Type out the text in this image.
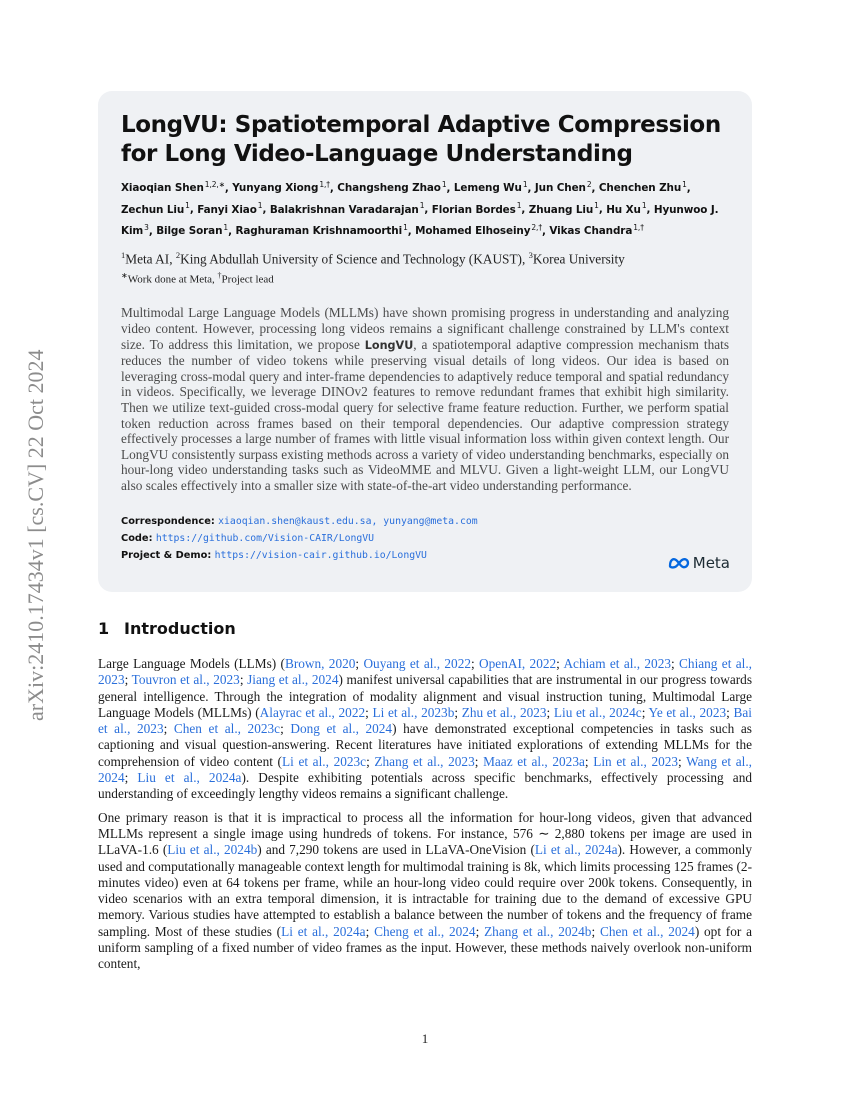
arXiv:2410.17434v1 [cs.CV] 22 Oct 2024
LongVU: Spatiotemporal Adaptive Compression for Long Video-Language Understanding
Xiaoqian Shen$^{1,2,∗}$, Yunyang Xiong$^{1,\dagger}$, Changsheng Zhao$^1$, Lemeng Wu$^1$, Jun Chen$^2$, Chenchen Zhu$^1$, Zechun Liu$^1$, Fanyi Xiao$^1$, Balakrishnan Varadarajan$^1$, Florian Bordes$^1$, Zhuang Liu$^1$, Hu Xu$^1$, Hyunwoo J. Kim$^3$, Bilge Soran$^1$, Raghuraman Krishnamoorthi$^1$, Mohamed Elhoseiny$^{2,\dagger}$, Vikas Chandra$^{1,\dagger}$
$^1$Meta AI, $^2$King Abdullah University of Science and Technology (KAUST), $^3$Korea University
∗Work done at Meta, †Project lead
Multimodal Large Language Models (MLLMs) have shown promising progress in understanding and analyzing video content. However, processing long videos remains a significant challenge constrained by LLM's context size. To address this limitation, we propose LongVU, a spatiotemporal adaptive compression mechanism thats reduces the number of video tokens while preserving visual details of long videos. Our idea is based on leveraging cross-modal query and inter-frame dependencies to adaptively reduce temporal and spatial redundancy in videos. Specifically, we leverage DINOv2 features to remove redundant frames that exhibit high similarity. Then we utilize text-guided cross-modal query for selective frame feature reduction. Further, we perform spatial token reduction across frames based on their temporal dependencies. Our adaptive compression strategy effectively processes a large number of frames with little visual information loss within given context length. Our LongVU consistently surpass existing methods across a variety of video understanding benchmarks, especially on hour-long video understanding tasks such as VideoMME and MLVU. Given a light-weight LLM, our LongVU also scales effectively into a smaller size with state-of-the-art video understanding performance.
Correspondence: xiaoqian.shen@kaust.edu.sa, yunyang@meta.com
Code: https://github.com/Vision-CAIR/LongVU
Project & Demo: https://vision-cair.github.io/LongVU	Meta
1 Introduction

Large Language Models (LLMs) (Brown, 2020; Ouyang et al., 2022; OpenAI, 2022; Achiam et al., 2023; Chiang et al., 2023; Touvron et al., 2023; Jiang et al., 2024) manifest universal capabilities that are instrumental in our progress towards general intelligence. Through the integration of modality alignment and visual instruction tuning, Multimodal Large Language Models (MLLMs) (Alayrac et al., 2022; Li et al., 2023b; Zhu et al., 2023; Liu et al., 2024c; Ye et al., 2023; Bai et al., 2023; Chen et al., 2023c; Dong et al., 2024) have demonstrated exceptional competencies in tasks such as captioning and visual question-answering. Recent literatures have initiated explorations of extending MLLMs for the comprehension of video content (Li et al., 2023c; Zhang et al., 2023; Maaz et al., 2023a; Lin et al., 2023; Wang et al., 2024; Liu et al., 2024a). Despite exhibiting potentials across specific benchmarks, effectively processing and understanding of exceedingly lengthy videos remains a significant challenge.

One primary reason is that it is impractical to process all the information for hour-long videos, given that advanced MLLMs represent a single image using hundreds of tokens. For instance, 576 ∼ 2,880 tokens per image are used in LLaVA-1.6 (Liu et al., 2024b) and 7,290 tokens are used in LLaVA-OneVision (Li et al., 2024a). However, a commonly used and computationally manageable context length for multimodal training is 8k, which limits processing 125 frames (2-minutes video) even at 64 tokens per frame, while an hour-long video could require over 200k tokens. Consequently, in video scenarios with an extra temporal dimension, it is intractable for training due to the demand of excessive GPU memory. Various studies have attempted to establish a balance between the number of tokens and the frequency of frame sampling. Most of these studies (Li et al., 2024a; Cheng et al., 2024; Zhang et al., 2024b; Chen et al., 2024) opt for a uniform sampling of a fixed number of video frames as the input. However, these methods naively overlook non-uniform content,

1
